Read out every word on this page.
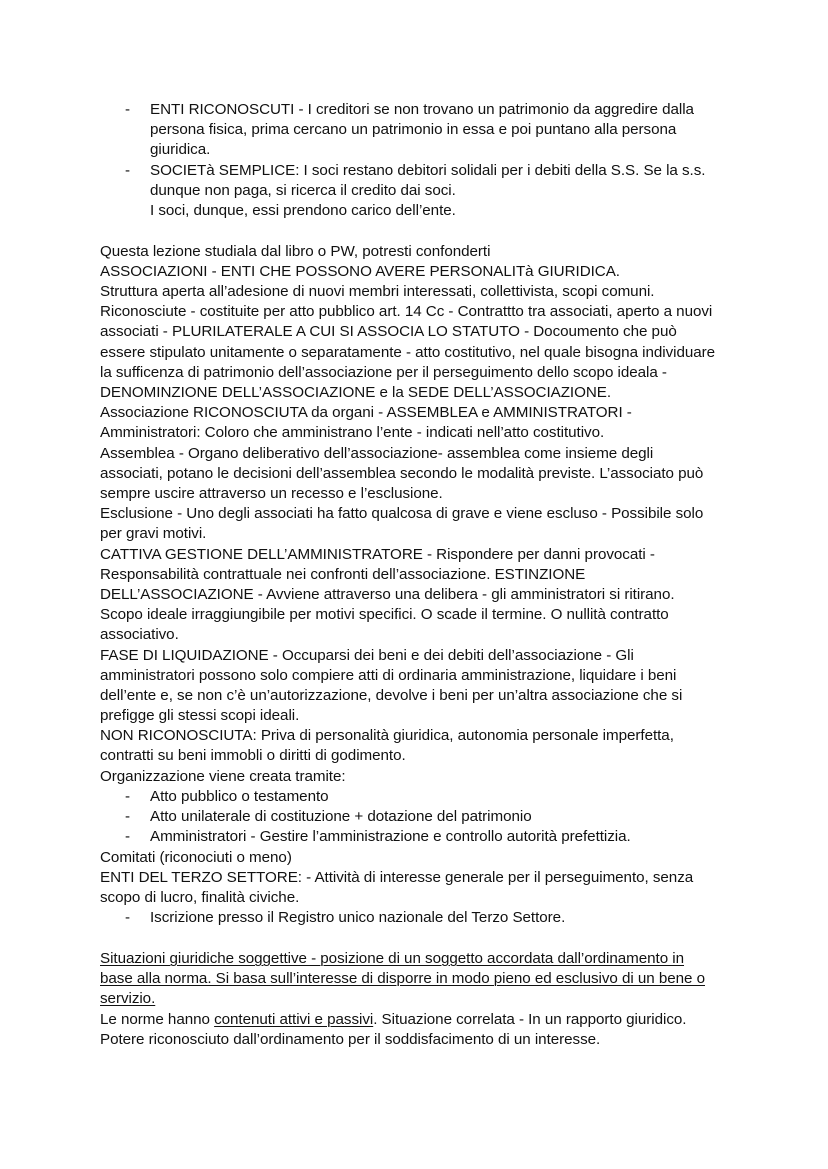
- ENTI RICONOSCUTI - I creditori se non trovano un patrimonio da aggredire dalla
persona fisica, prima cercano un patrimonio in essa e poi puntano alla persona
giuridica.
- SOCIETà SEMPLICE: I soci restano debitori solidali per i debiti della S.S. Se la s.s.
dunque non paga, si ricerca il credito dai soci.
I soci, dunque, essi prendono carico dell’ente.
Questa lezione studiala dal libro o PW, potresti confonderti
ASSOCIAZIONI - ENTI CHE POSSONO AVERE PERSONALITà GIURIDICA.
Struttura aperta all’adesione di nuovi membri interessati, collettivista, scopi comuni.
Riconosciute - costituite per atto pubblico art. 14 Cc - Contrattto tra associati, aperto a nuovi
associati - PLURILATERALE A CUI SI ASSOCIA LO STATUTO - Docoumento che può
essere stipulato unitamente o separatamente - atto costitutivo, nel quale bisogna individuare
la sufficenza di patrimonio dell’associazione per il perseguimento dello scopo ideala -
DENOMINZIONE DELL’ASSOCIAZIONE e la SEDE DELL’ASSOCIAZIONE.
Associazione RICONOSCIUTA da organi - ASSEMBLEA e AMMINISTRATORI -
Amministratori: Coloro che amministrano l’ente - indicati nell’atto costitutivo.
Assemblea - Organo deliberativo dell’associazione- assemblea come insieme degli
associati, potano le decisioni dell’assemblea secondo le modalità previste. L’associato può
sempre uscire attraverso un recesso e l’esclusione.
Esclusione - Uno degli associati ha fatto qualcosa di grave e viene escluso - Possibile solo
per gravi motivi.
CATTIVA GESTIONE DELL’AMMINISTRATORE - Rispondere per danni provocati -
Responsabilità contrattuale nei confronti dell’associazione. ESTINZIONE
DELL’ASSOCIAZIONE - Avviene attraverso una delibera - gli amministratori si ritirano.
Scopo ideale irraggiungibile per motivi specifici. O scade il termine. O nullità contratto
associativo.
FASE DI LIQUIDAZIONE - Occuparsi dei beni e dei debiti dell’associazione - Gli
amministratori possono solo compiere atti di ordinaria amministrazione, liquidare i beni
dell’ente e, se non c’è un’autorizzazione, devolve i beni per un’altra associazione che si
prefigge gli stessi scopi ideali.
NON RICONOSCIUTA: Priva di personalità giuridica, autonomia personale imperfetta,
contratti su beni immobli o diritti di godimento.
Organizzazione viene creata tramite:
- Atto pubblico o testamento
- Atto unilaterale di costituzione + dotazione del patrimonio
- Amministratori - Gestire l’amministrazione e controllo autorità prefettizia.
Comitati (riconociuti o meno)
ENTI DEL TERZO SETTORE: - Attività di interesse generale per il perseguimento, senza
scopo di lucro, finalità civiche.
- Iscrizione presso il Registro unico nazionale del Terzo Settore.
Situazioni giuridiche soggettive - posizione di un soggetto accordata dall’ordinamento in
base alla norma. Si basa sull’interesse di disporre in modo pieno ed esclusivo di un bene o
servizio.
Le norme hanno contenuti attivi e passivi. Situazione correlata - In un rapporto giuridico.
Potere riconosciuto dall’ordinamento per il soddisfacimento di un interesse.
